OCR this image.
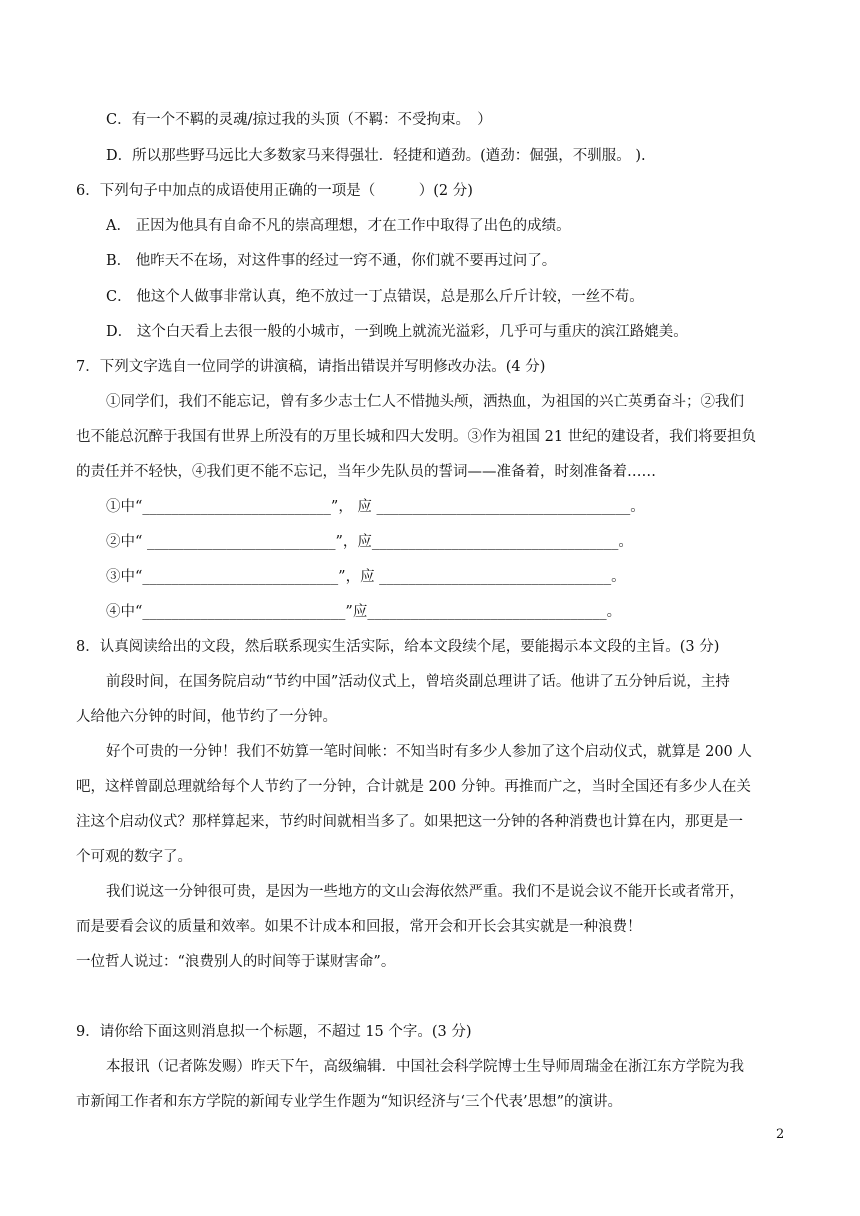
C．有一个不羁的灵魂/掠过我的头顶（不羁：不受拘束。　）
D．所以那些野马远比大多数家马来得强壮．轻捷和遒劲。(遒劲：倔强，不驯服。 ).
6．下列句子中加点的成语使用正确的一项是（　　　）(2 分)
A． 正因为他具有自命不凡的崇高理想，才在工作中取得了出色的成绩。
B． 他昨天不在场，对这件事的经过一窍不通，你们就不要再过问了。
C． 他这个人做事非常认真，绝不放过一丁点错误，总是那么斤斤计较，一丝不苟。
D． 这个白天看上去很一般的小城市，一到晚上就流光溢彩，几乎可与重庆的滨江路媲美。
7．下列文字选自一位同学的讲演稿，请指出错误并写明修改办法。(4 分)
①同学们，我们不能忘记，曾有多少志士仁人不惜抛头颅，洒热血，为祖国的兴亡英勇奋斗；②我们
也不能总沉醉于我国有世界上所没有的万里长城和四大发明。③作为祖国 21 世纪的建设者，我们将要担负
的责任并不轻快，④我们更不能不忘记，当年少先队员的誓词——准备着，时刻准备着……
①中“__________________________”， 应 ___________________________________。
②中“ __________________________”，应__________________________________。
③中“___________________________”，应 ________________________________。
④中“____________________________”应_________________________________。
8．认真阅读给出的文段，然后联系现实生活实际，给本文段续个尾，要能揭示本文段的主旨。(3 分)
前段时间，在国务院启动“节约中国”活动仪式上，曾培炎副总理讲了话。他讲了五分钟后说，主持
人给他六分钟的时间，他节约了一分钟。
好个可贵的一分钟！我们不妨算一笔时间帐：不知当时有多少人参加了这个启动仪式，就算是 200 人
吧，这样曾副总理就给每个人节约了一分钟，合计就是 200 分钟。再推而广之，当时全国还有多少人在关
注这个启动仪式？那样算起来，节约时间就相当多了。如果把这一分钟的各种消费也计算在内，那更是一
个可观的数字了。
我们说这一分钟很可贵，是因为一些地方的文山会海依然严重。我们不是说会议不能开长或者常开，
而是要看会议的质量和效率。如果不计成本和回报，常开会和开长会其实就是一种浪费！
一位哲人说过：“浪费别人的时间等于谋财害命”。
9．请你给下面这则消息拟一个标题，不超过 15 个字。(3 分)
本报讯（记者陈发赐）昨天下午，高级编辑．中国社会科学院博士生导师周瑞金在浙江东方学院为我
市新闻工作者和东方学院的新闻专业学生作题为“知识经济与‘三个代表’思想”的演讲。
2
